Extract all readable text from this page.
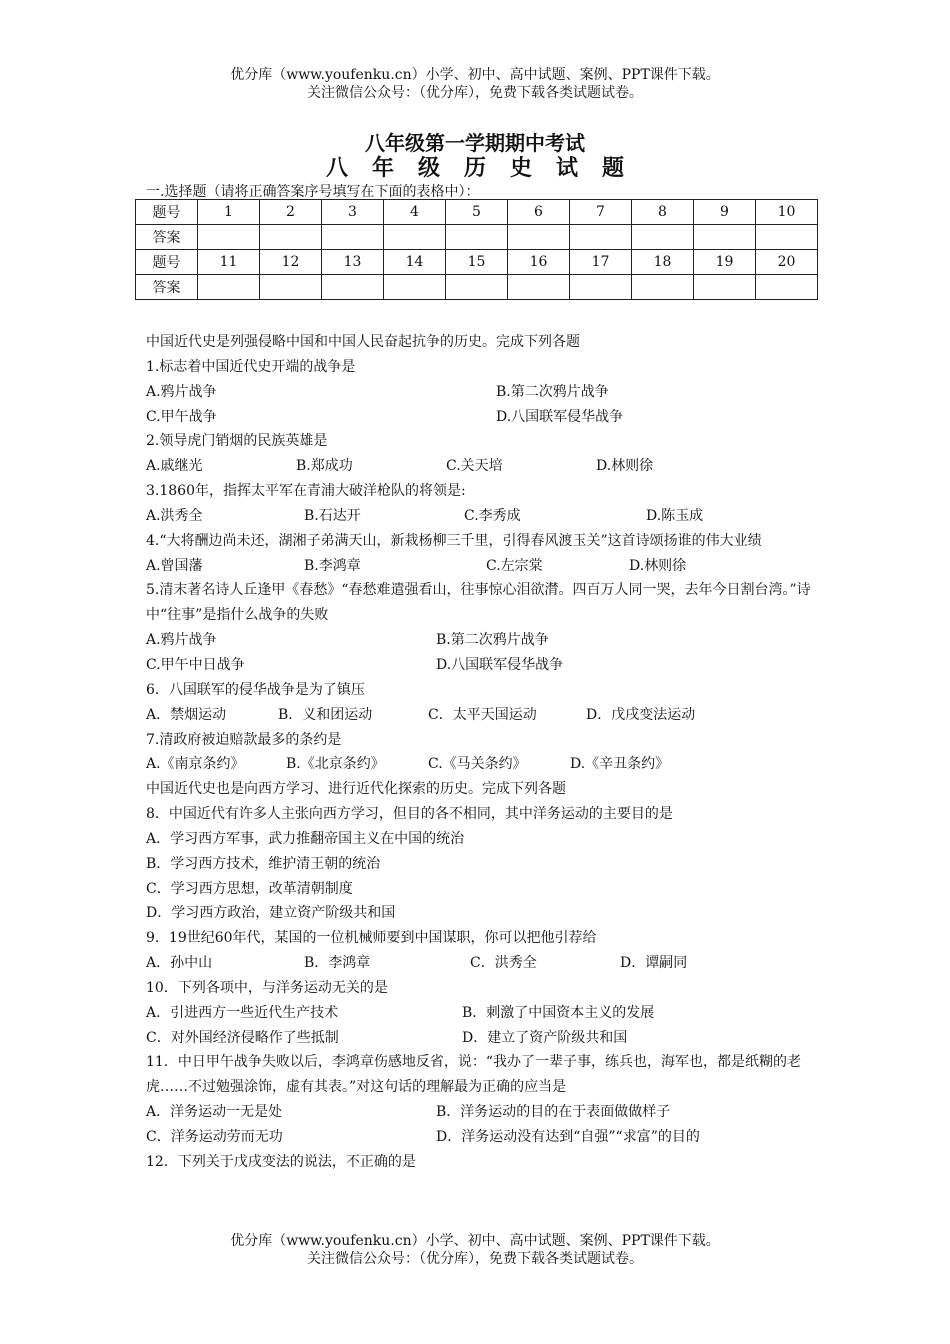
优分库（www.youfenku.cn）小学、初中、高中试题、案例、PPT课件下载。
关注微信公众号：（优分库），免费下载各类试题试卷。
八年级第一学期期中考试
八年级历史试题
一.选择题（请将正确答案序号填写在下面的表格中）：
题号	1	2	3	4	5	6	7	8	9	10
答案										
题号	11	12	13	14	15	16	17	18	19	20
答案										
中国近代史是列强侵略中国和中国人民奋起抗争的历史。完成下列各题
1.标志着中国近代史开端的战争是
A.鸦片战争	B.第二次鸦片战争
C.甲午战争	D.八国联军侵华战争
2.领导虎门销烟的民族英雄是
A.戚继光	B.郑成功	C.关天培	D.林则徐
3.1860年，指挥太平军在青浦大破洋枪队的将领是:
A.洪秀全	B.石达开	C.李秀成	D.陈玉成
4.“大将酬边尚未还，湖湘子弟满天山，新栽杨柳三千里，引得春风渡玉关”这首诗颂扬谁的伟大业绩
A.曾国藩	B.李鸿章	C.左宗棠	D.林则徐
5.清末著名诗人丘逢甲《春愁》“春愁难遣强看山，往事惊心泪欲潸。四百万人同一哭，去年今日割台湾。”诗中“往事”是指什么战争的失败
A.鸦片战争	B.第二次鸦片战争
C.甲午中日战争	D.八国联军侵华战争
6．八国联军的侵华战争是为了镇压
A．禁烟运动	B．义和团运动	C．太平天国运动	D．戊戌变法运动
7.清政府被迫赔款最多的条约是
A.《南京条约》	B.《北京条约》	C.《马关条约》	D.《辛丑条约》
中国近代史也是向西方学习、进行近代化探索的历史。完成下列各题
8．中国近代有许多人主张向西方学习，但目的各不相同，其中洋务运动的主要目的是
A．学习西方军事，武力推翻帝国主义在中国的统治
B．学习西方技术，维护清王朝的统治
C．学习西方思想，改革清朝制度
D．学习西方政治，建立资产阶级共和国
9．19世纪60年代，某国的一位机械师要到中国谋职，你可以把他引荐给
A．孙中山	B．李鸿章	C．洪秀全	D．谭嗣同
10．下列各项中，与洋务运动无关的是
A．引进西方一些近代生产技术	B．刺激了中国资本主义的发展
C．对外国经济侵略作了些抵制	D．建立了资产阶级共和国
11．中日甲午战争失败以后，李鸿章伤感地反省，说：“我办了一辈子事，练兵也，海军也，都是纸糊的老虎……不过勉强涂饰，虚有其表。”对这句话的理解最为正确的应当是
A．洋务运动一无是处	B．洋务运动的目的在于表面做做样子
C．洋务运动劳而无功	D．洋务运动没有达到“自强”“求富”的目的
12．下列关于戊戌变法的说法，不正确的是
优分库（www.youfenku.cn）小学、初中、高中试题、案例、PPT课件下载。
关注微信公众号：（优分库），免费下载各类试题试卷。
